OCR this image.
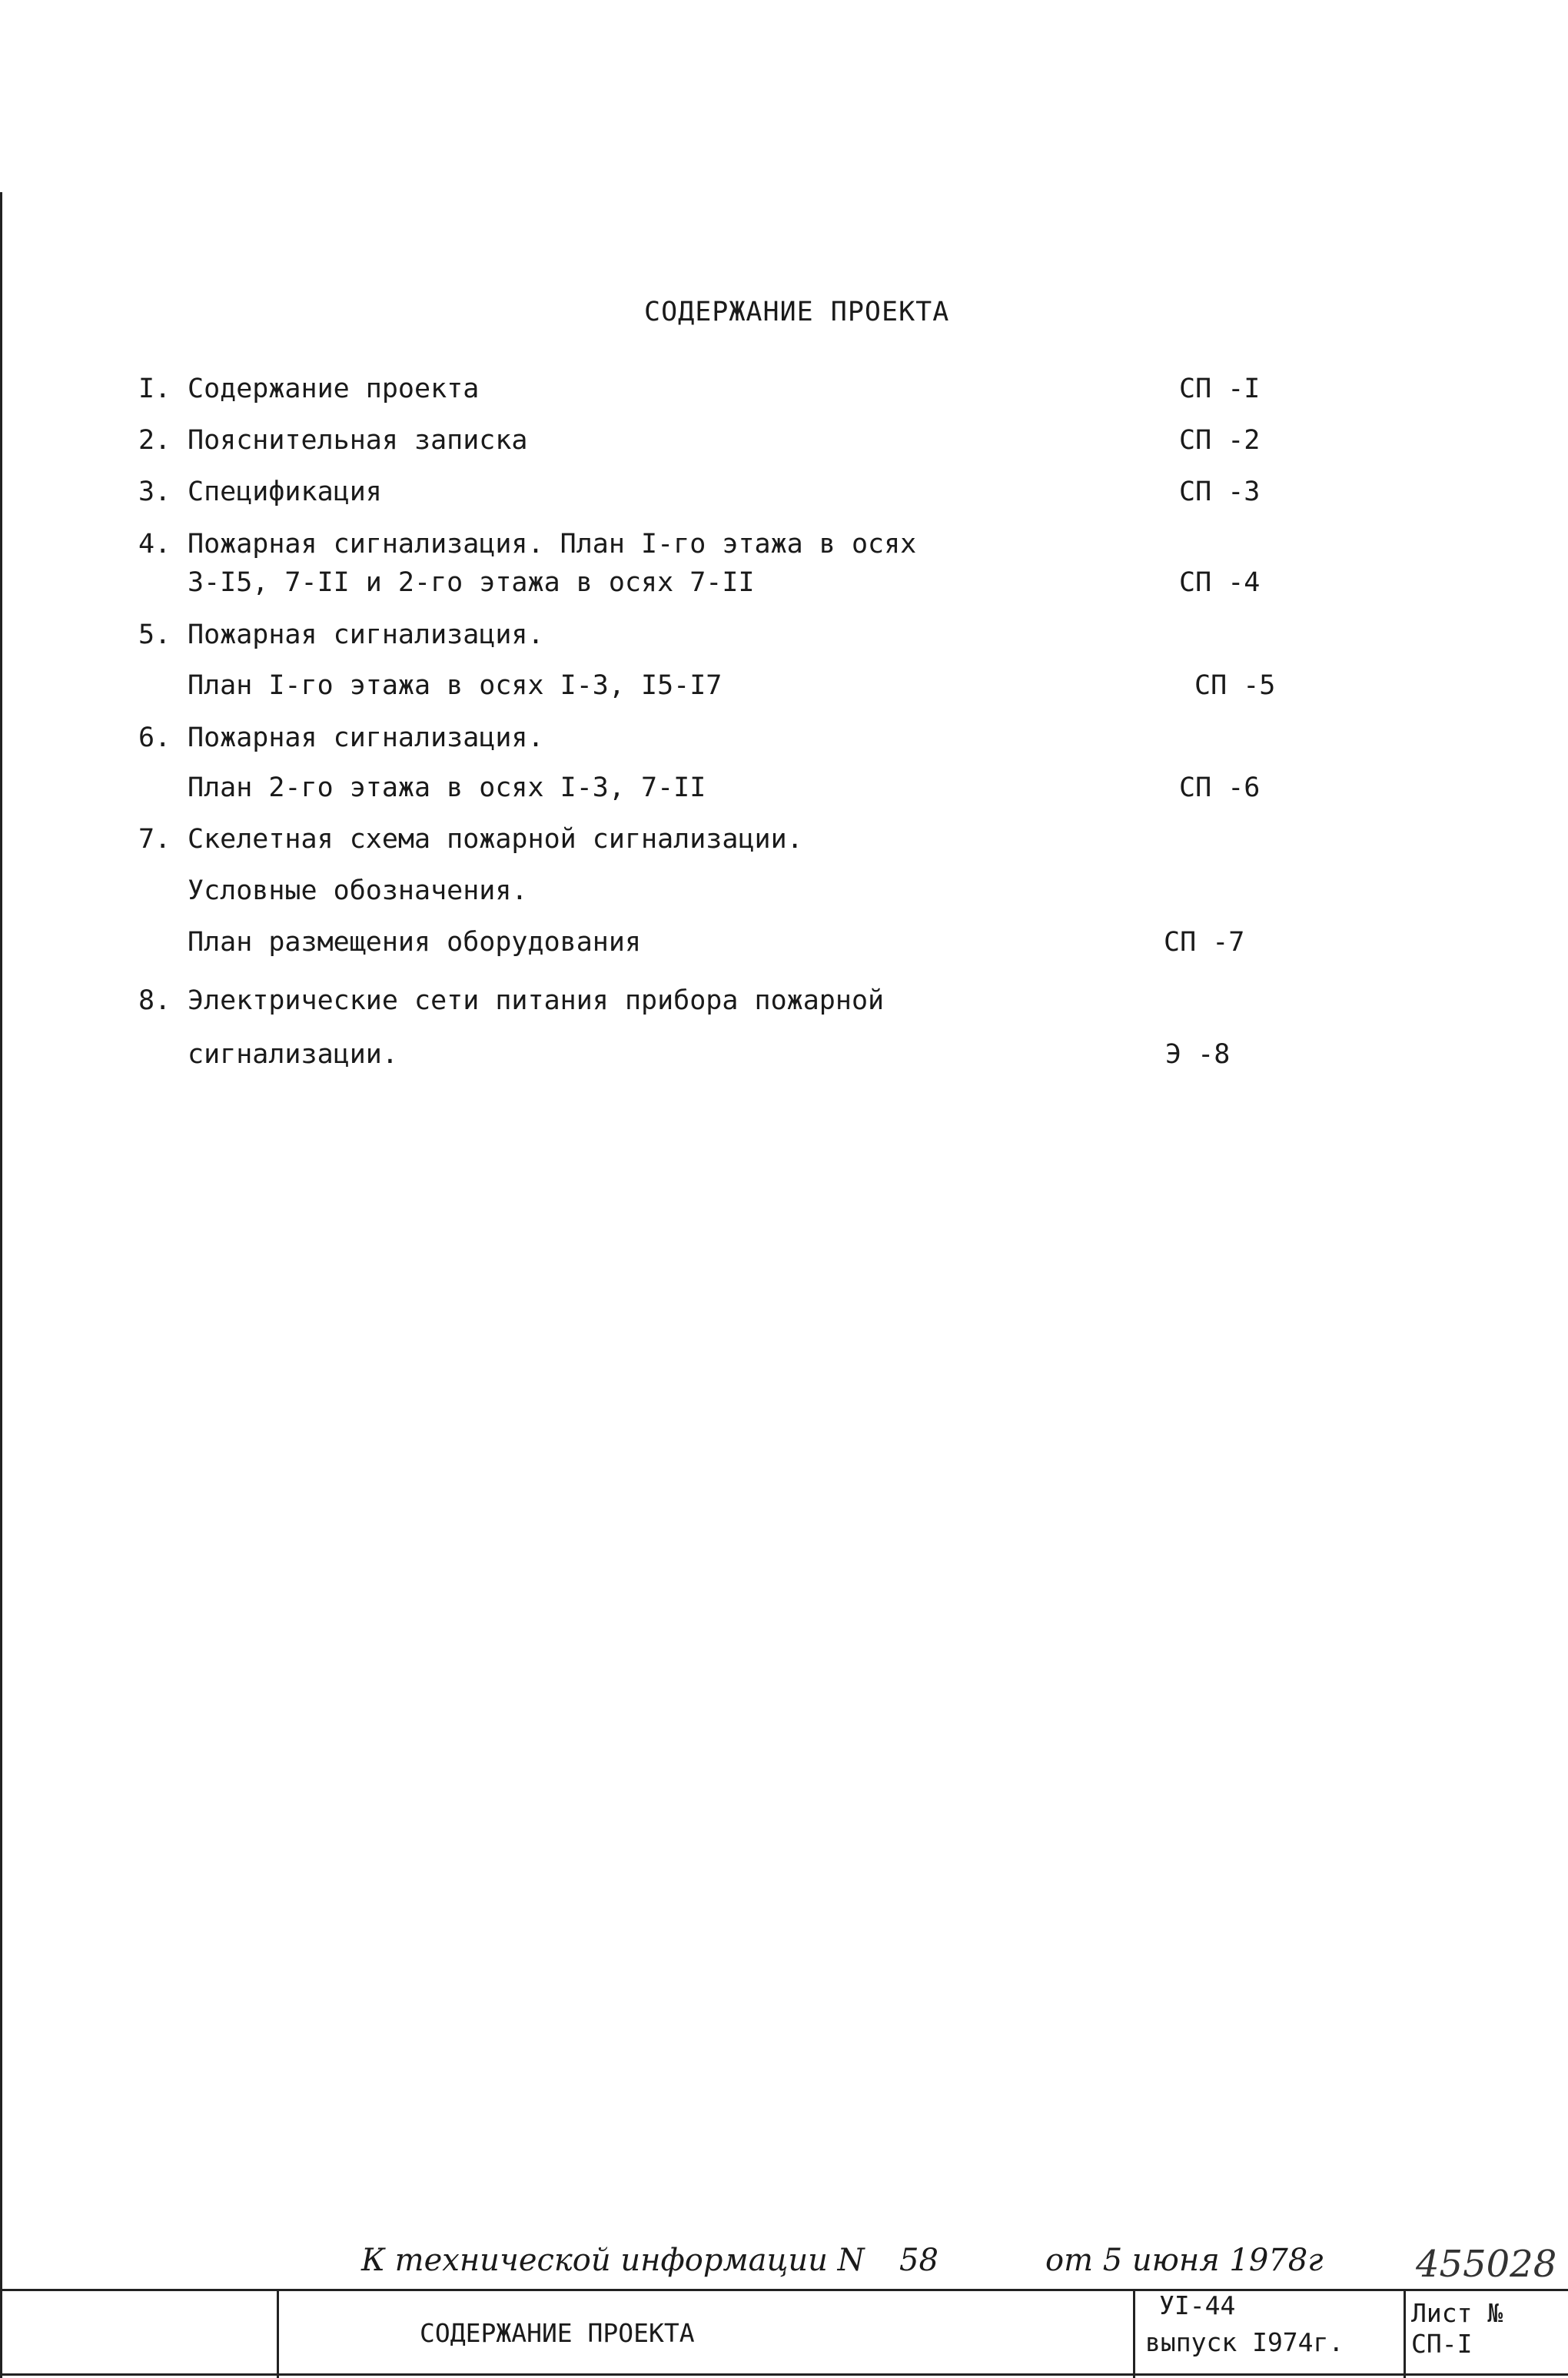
СОДЕРЖАНИЕ ПРОЕКТА
I. Содержание проекта	СП -I
2. Пояснительная записка	СП -2
3. Спецификация	СП -3
4. Пожарная сигнализация. План I-го этажа в осях
3-I5, 7-II и 2-го этажа в осях 7-II	СП -4
5. Пожарная сигнализация.
План I-го этажа в осях I-3, I5-I7	СП -5
6. Пожарная сигнализация.
План 2-го этажа в осях I-3, 7-II	СП -6
7. Скелетная схема пожарной сигнализации.
Условные обозначения.
План размещения оборудования	СП -7
8. Электрические сети питания прибора пожарной
сигнализации.	Э -8
К технической информации N 58	от 5 июня 1978г	455028
СОДЕРЖАНИЕ ПРОЕКТА
УI-44
выпуск I974г.
Лист №
СП-I
